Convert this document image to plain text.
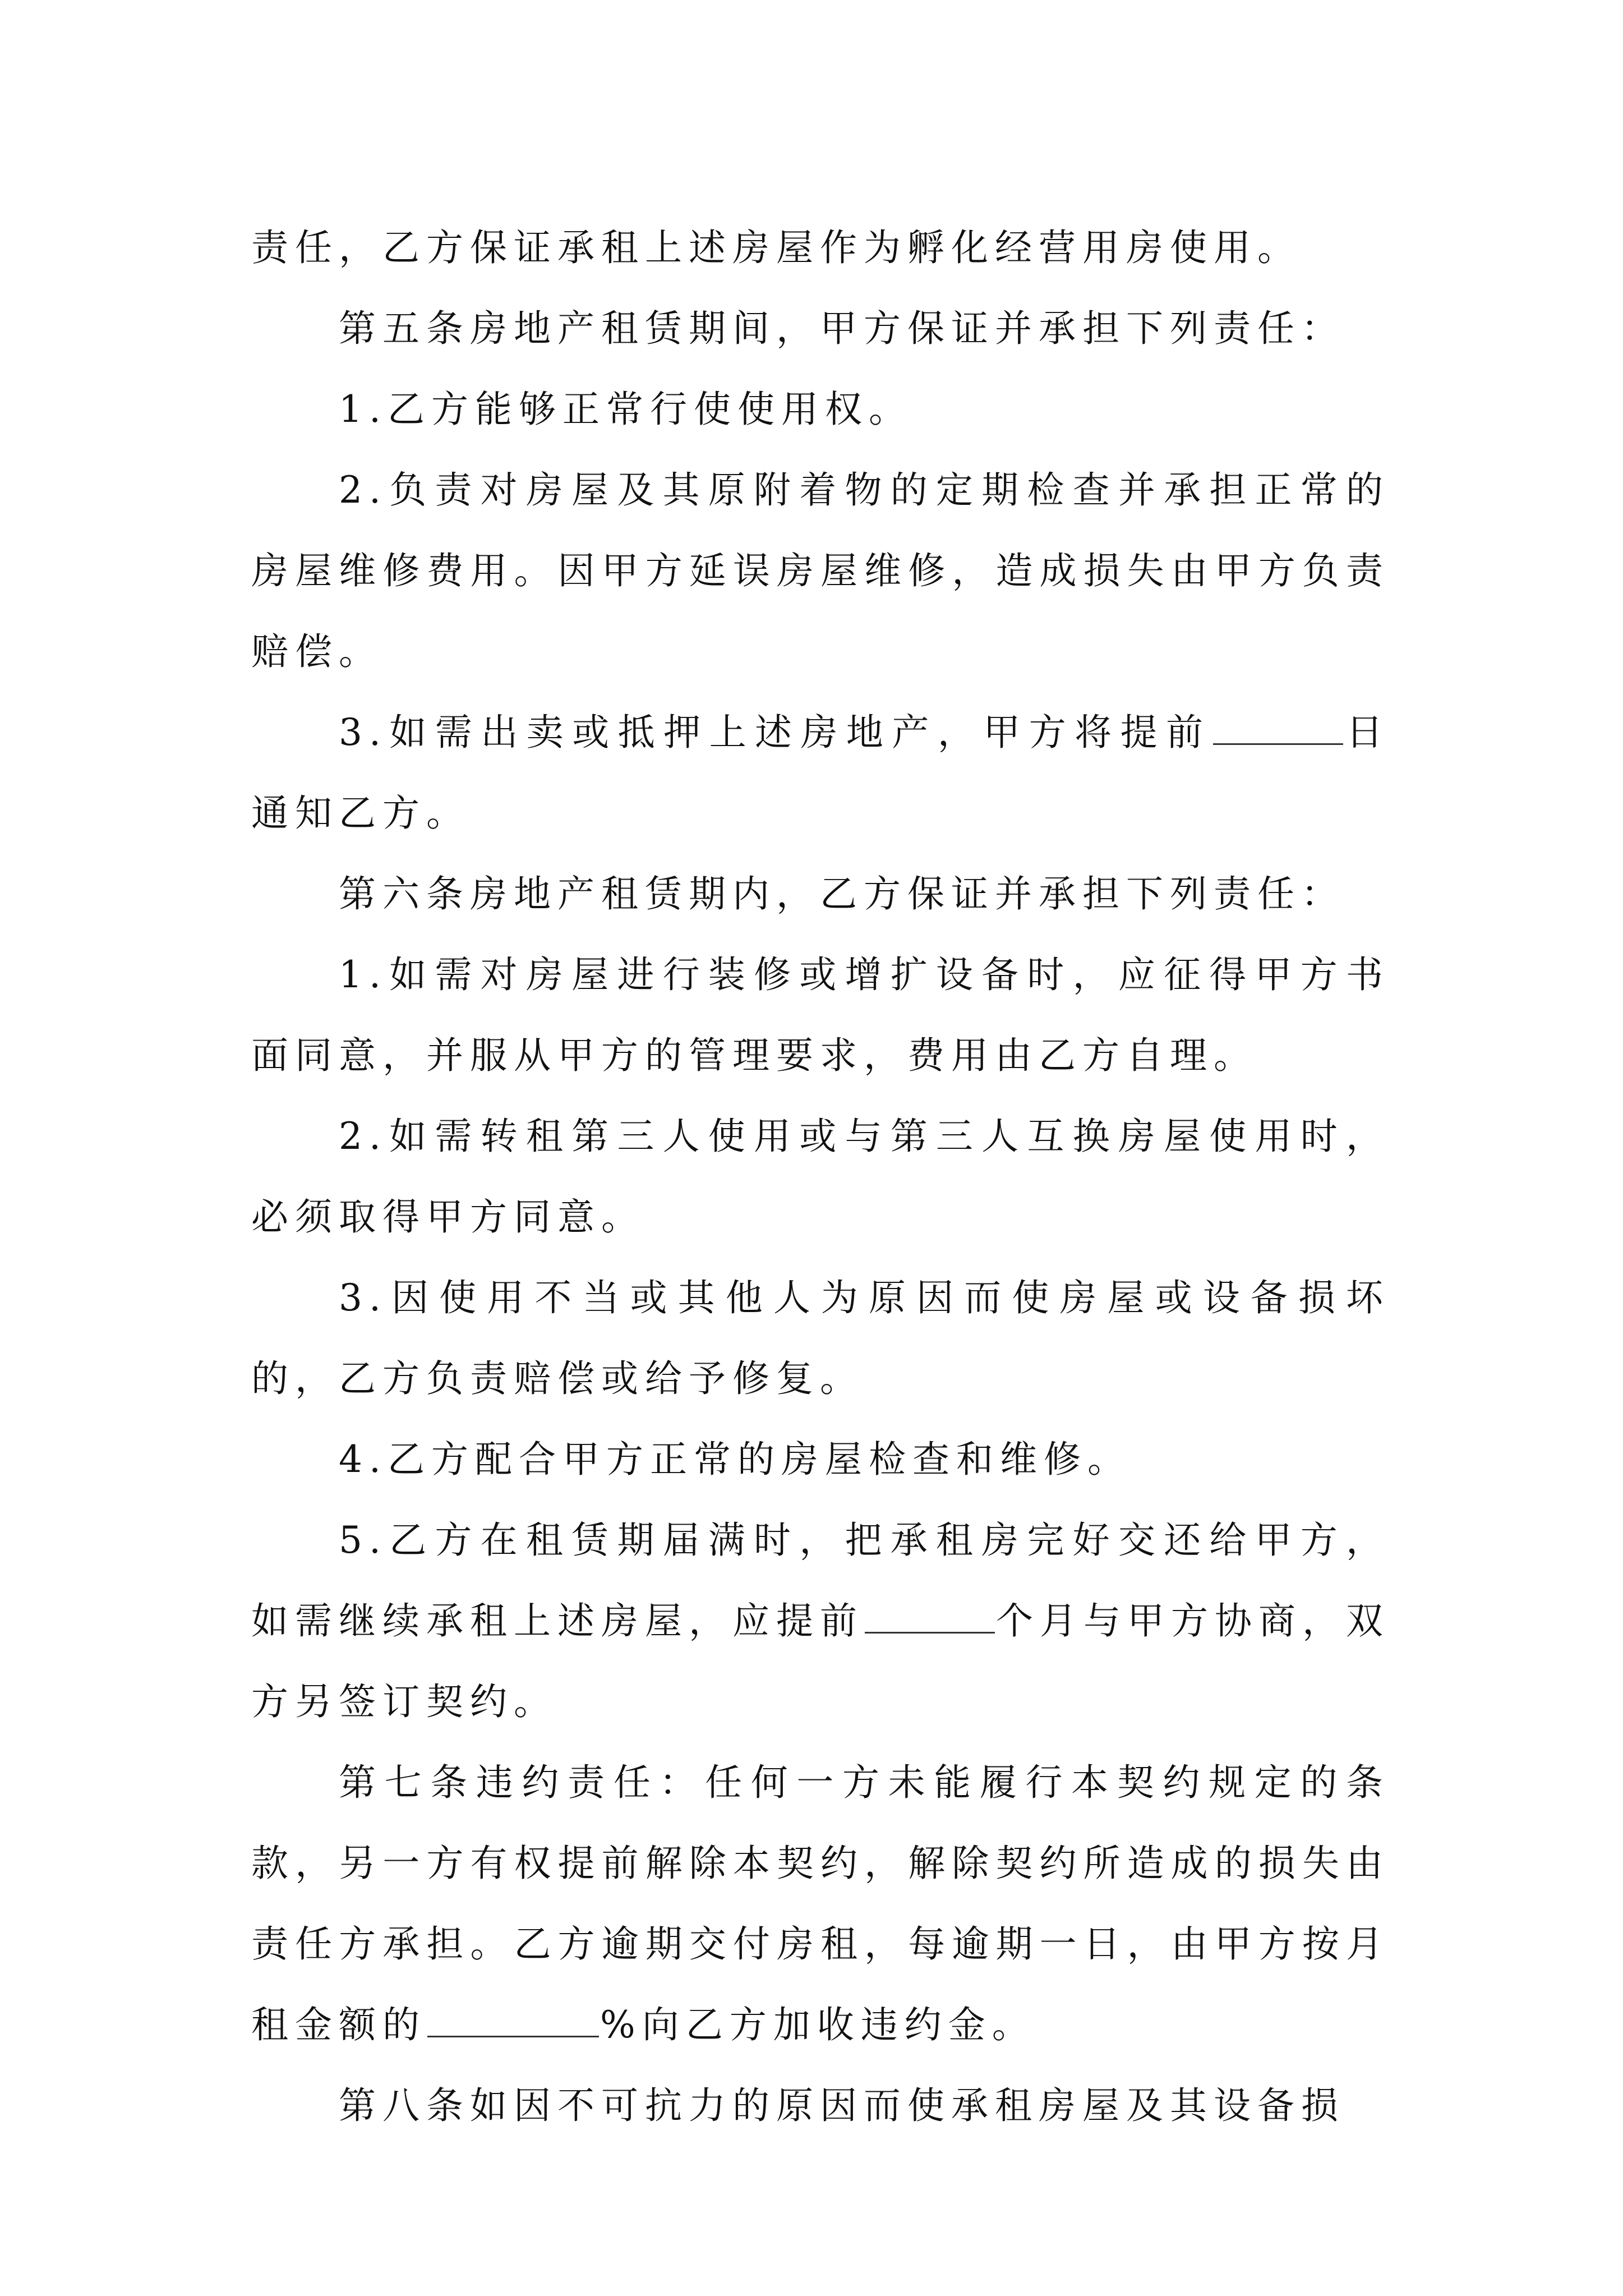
责任，乙方保证承租上述房屋作为孵化经营用房使用。

第五条房地产租赁期间，甲方保证并承担下列责任：

1.乙方能够正常行使使用权。

2.负责对房屋及其原附着物的定期检查并承担正常的房屋维修费用。因甲方延误房屋维修，造成损失由甲方负责赔偿。

3.如需出卖或抵押上述房地产，甲方将提前	日通知乙方。

第六条房地产租赁期内，乙方保证并承担下列责任：

1.如需对房屋进行装修或增扩设备时，应征得甲方书面同意，并服从甲方的管理要求，费用由乙方自理。

2.如需转租第三人使用或与第三人互换房屋使用时，必须取得甲方同意。

3.因使用不当或其他人为原因而使房屋或设备损坏的，乙方负责赔偿或给予修复。

4.乙方配合甲方正常的房屋检查和维修。

5.乙方在租赁期届满时，把承租房完好交还给甲方，如需继续承租上述房屋，应提前	个月与甲方协商，双方另签订契约。

第七条违约责任：任何一方未能履行本契约规定的条款，另一方有权提前解除本契约，解除契约所造成的损失由责任方承担。乙方逾期交付房租，每逾期一日，由甲方按月租金额的	%向乙方加收违约金。

第八条如因不可抗力的原因而使承租房屋及其设备损
